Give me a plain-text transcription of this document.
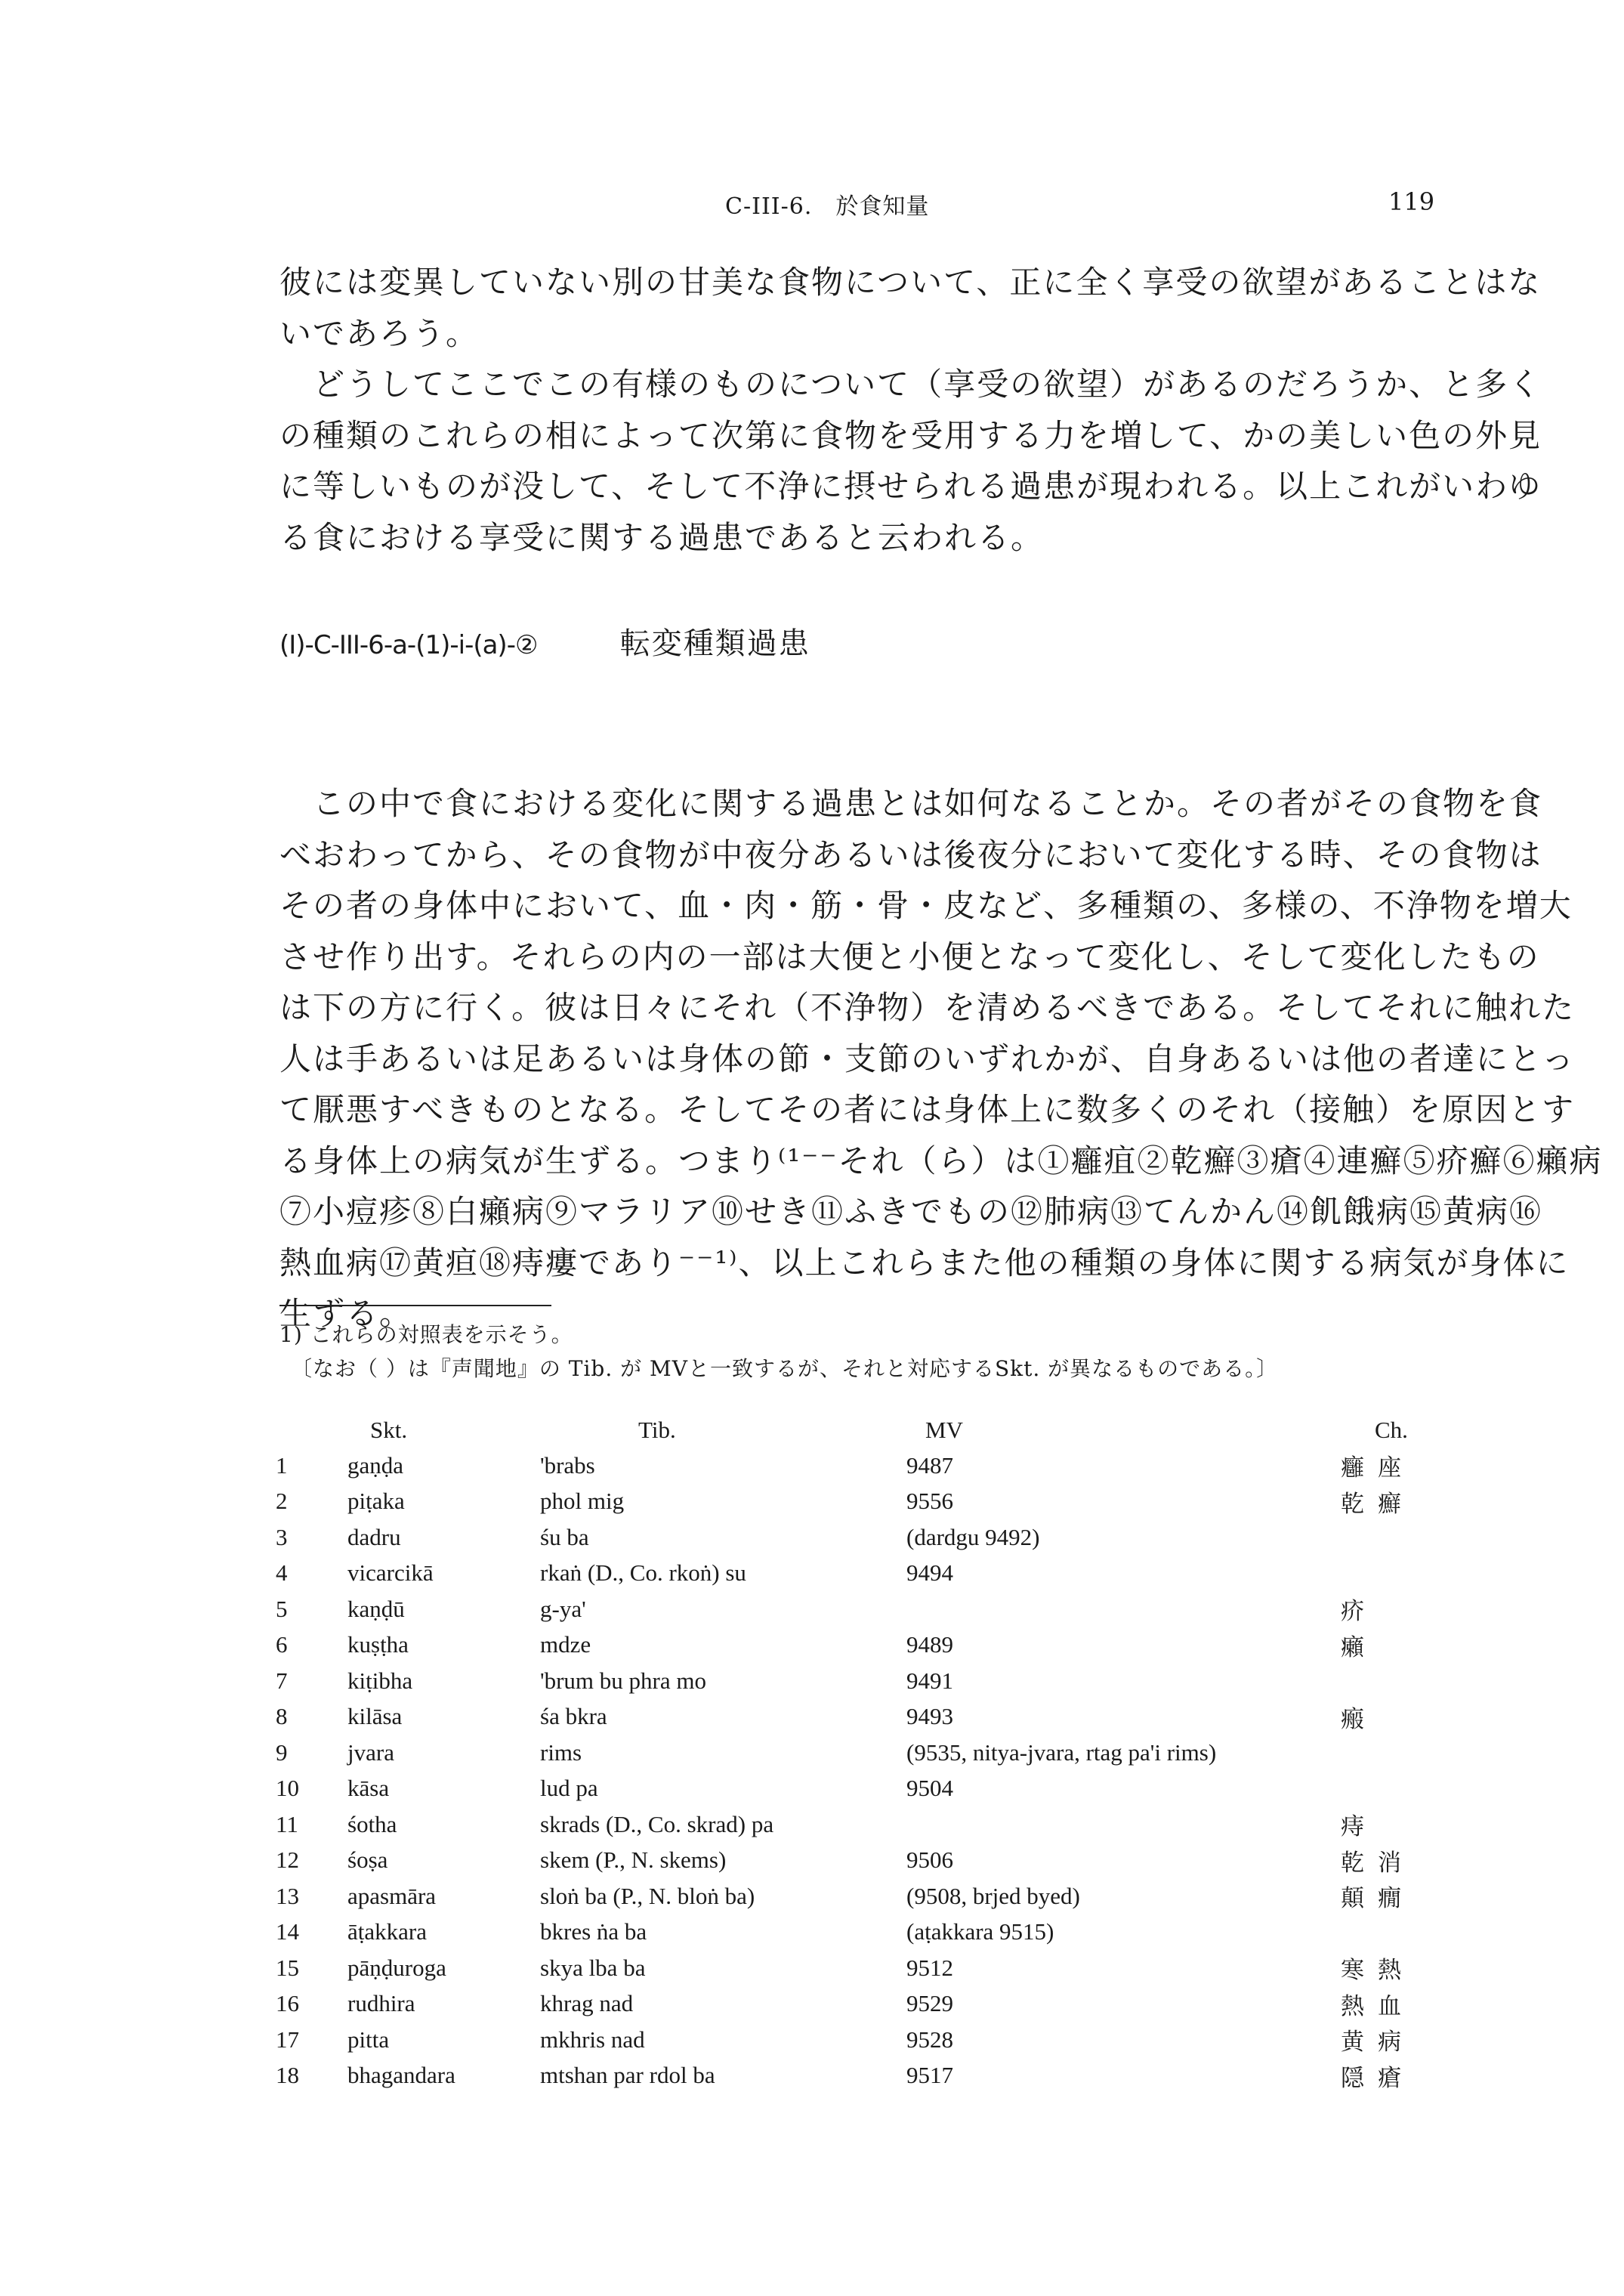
C-III-6.　於食知量	119

彼には変異していない別の甘美な食物について、正に全く享受の欲望があることはな
いであろう。

　どうしてここでこの有様のものについて（享受の欲望）があるのだろうか、と多く
の種類のこれらの相によって次第に食物を受用する力を増して、かの美しい色の外見
に等しいものが没して、そして不浄に摂せられる過患が現われる。以上これがいわゆ
る食における享受に関する過患であると云われる。

(I)-C-III-6-a-(1)-i-(a)-②	転変種類過患

　この中で食における変化に関する過患とは如何なることか。その者がその食物を食
べおわってから、その食物が中夜分あるいは後夜分において変化する時、その食物は
その者の身体中において、血・肉・筋・骨・皮など、多種類の、多様の、不浄物を増大
させ作り出す。それらの内の一部は大便と小便となって変化し、そして変化したもの
は下の方に行く。彼は日々にそれ（不浄物）を清めるべきである。そしてそれに触れた
人は手あるいは足あるいは身体の節・支節のいずれかが、自身あるいは他の者達にとっ
て厭悪すべきものとなる。そしてその者には身体上に数多くのそれ（接触）を原因とす
る身体上の病気が生ずる。つまり⁽¹⁻⁻それ（ら）は①癰疽②乾癬③瘡④連癬⑤疥癬⑥癩病
⑦小痘疹⑧白癩病⑨マラリア⑩せき⑪ふきでもの⑫肺病⑬てんかん⑭飢餓病⑮黄病⑯
熱血病⑰黄疸⑱痔瘻であり⁻⁻¹⁾、以上これらまた他の種類の身体に関する病気が身体に
生ずる。

1) これらの対照表を示そう。
〔なお（ ）は『声聞地』の Tib. が MVと一致するが、それと対応するSkt. が異なるものである。〕
	Skt.	Tib.	MV	Ch.
1	gaṇḍa	'brabs	9487	癰座
2	piṭaka	phol mig	9556	乾癬
3	dadru	śu ba	(dardgu 9492)	
4	vicarcikā	rkaṅ (D., Co. rkoṅ) su	9494	
5	kaṇḍū	g-ya'		疥
6	kuṣṭha	mdze	9489	癩
7	kiṭibha	'brum bu phra mo	9491	
8	kilāsa	śa bkra	9493	瘢
9	jvara	rims	(9535, nitya-jvara, rtag pa'i rims)	
10	kāsa	lud pa	9504	
11	śotha	skrads (D., Co. skrad) pa		痔
12	śoṣa	skem (P., N. skems)	9506	乾消
13	apasmāra	sloṅ ba (P., N. bloṅ ba)	(9508, brjed byed)	顛癇
14	āṭakkara	bkres ṅa ba	(aṭakkara 9515)	
15	pāṇḍuroga	skya lba ba	9512	寒熱
16	rudhira	khrag nad	9529	熱血
17	pitta	mkhris nad	9528	黄病
18	bhagandara	mtshan par rdol ba	9517	隠瘡
